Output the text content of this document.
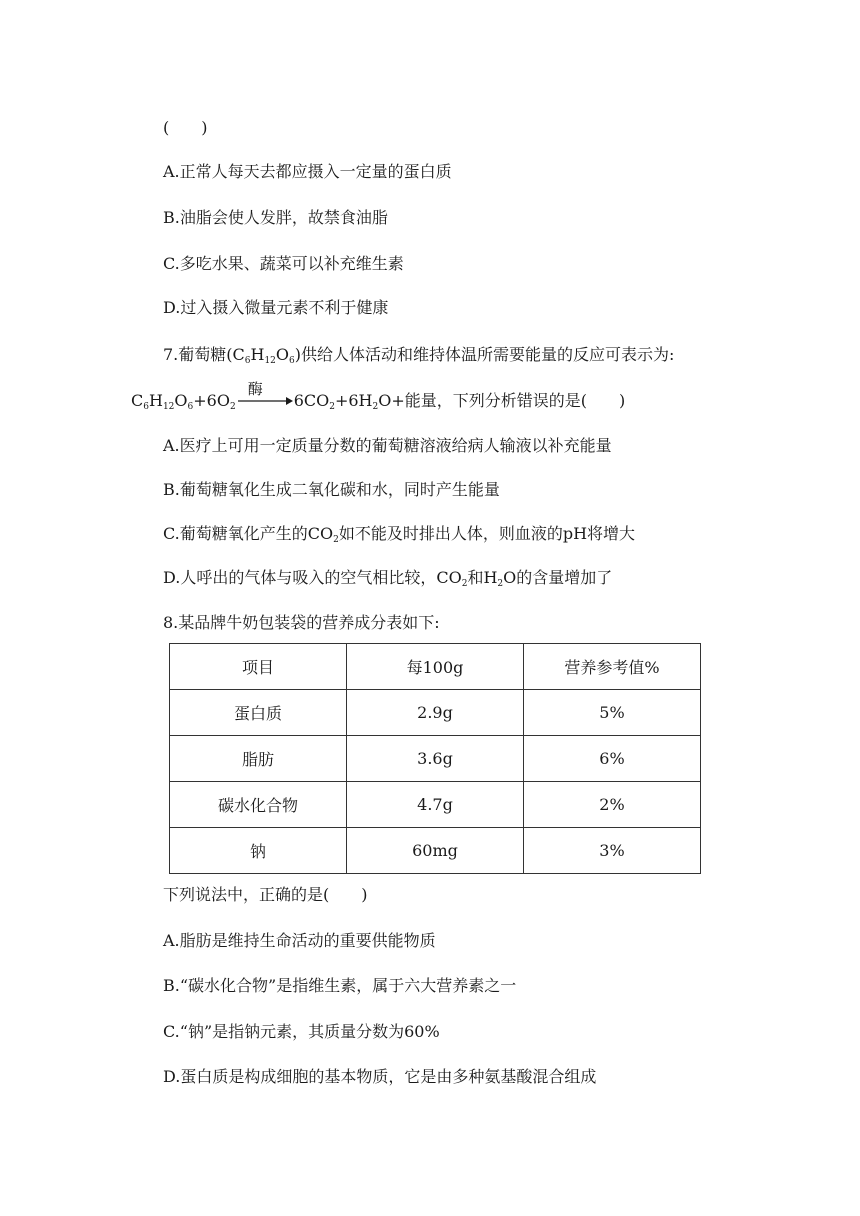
(　　)
A.正常人每天去都应摄入一定量的蛋白质
B.油脂会使人发胖，故禁食油脂
C.多吃水果、蔬菜可以补充维生素
D.过入摄入微量元素不利于健康
7.葡萄糖$(C_6H_{12}O_6)$供给人体活动和维持体温所需要能量的反应可表示为:
$C_6H_{12}O_6+6O_2$
酶
$6CO_2+6H_2O+$能量，下列分析错误的是(　　)
A.医疗上可用一定质量分数的葡萄糖溶液给病人输液以补充能量
B.葡萄糖氧化生成二氧化碳和水，同时产生能量
C.葡萄糖氧化产生的$CO_2$如不能及时排出人体，则血液的pH将增大
D.人呼出的气体与吸入的空气相比较，$CO_2$和$H_2O$的含量增加了
8.某品牌牛奶包装袋的营养成分表如下:
项目	每100g	营养参考值%
蛋白质	2.9g	5%
脂肪	3.6g	6%
碳水化合物	4.7g	2%
钠	60mg	3%
下列说法中，正确的是(　　)
A.脂肪是维持生命活动的重要供能物质
B.“碳水化合物”是指维生素，属于六大营养素之一
C.“钠”是指钠元素，其质量分数为60%
D.蛋白质是构成细胞的基本物质，它是由多种氨基酸混合组成
